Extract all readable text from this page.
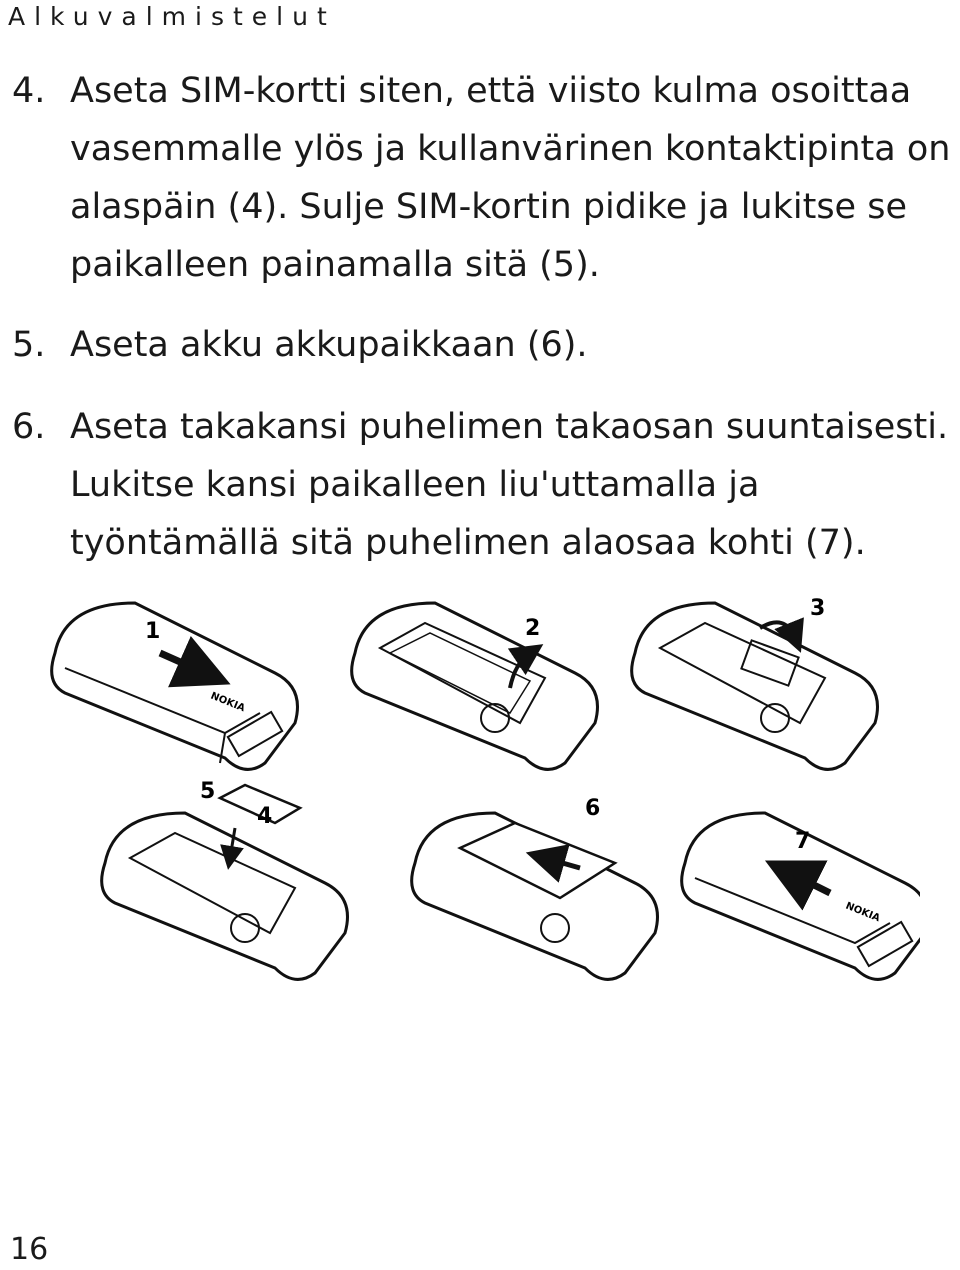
Alkuvalmistelut
4. Aseta SIM-kortti siten, että viisto kulma osoittaa
vasemmalle ylös ja kullanvärinen kontaktipinta on
alaspäin (4). Sulje SIM-kortin pidike ja lukitse se
paikalleen painamalla sitä (5).
5. Aseta akku akkupaikkaan (6).
6. Aseta takakansi puhelimen takaosan suuntaisesti.
Lukitse kansi paikalleen liu'uttamalla ja
työntämällä sitä puhelimen alaosaa kohti (7).
1
NOKIA
2
3
5
4	6
7
NOKIA
16
